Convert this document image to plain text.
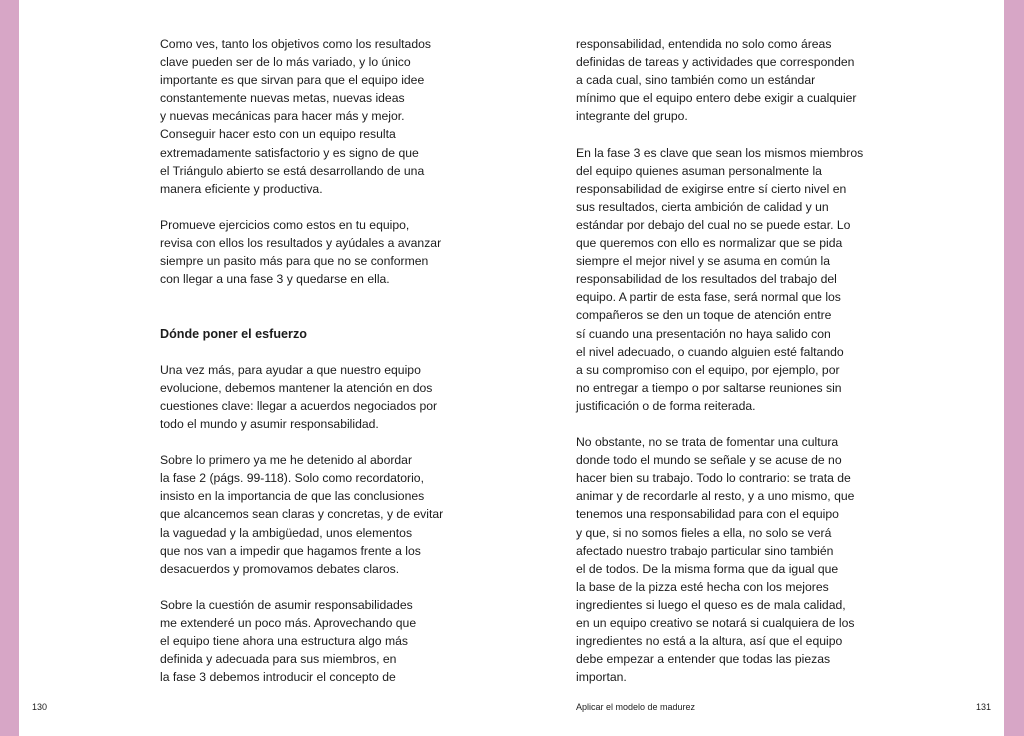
Como ves, tanto los objetivos como los resultados
clave pueden ser de lo más variado, y lo único
importante es que sirvan para que el equipo idee
constantemente nuevas metas, nuevas ideas
y nuevas mecánicas para hacer más y mejor.
Conseguir hacer esto con un equipo resulta
extremadamente satisfactorio y es signo de que
el Triángulo abierto se está desarrollando de una
manera eficiente y productiva.
Promueve ejercicios como estos en tu equipo,
revisa con ellos los resultados y ayúdales a avanzar
siempre un pasito más para que no se conformen
con llegar a una fase 3 y quedarse en ella.
Dónde poner el esfuerzo
Una vez más, para ayudar a que nuestro equipo
evolucione, debemos mantener la atención en dos
cuestiones clave: llegar a acuerdos negociados por
todo el mundo y asumir responsabilidad.
Sobre lo primero ya me he detenido al abordar
la fase 2 (págs. 99-118). Solo como recordatorio,
insisto en la importancia de que las conclusiones
que alcancemos sean claras y concretas, y de evitar
la vaguedad y la ambigüedad, unos elementos
que nos van a impedir que hagamos frente a los
desacuerdos y promovamos debates claros.
Sobre la cuestión de asumir responsabilidades
me extenderé un poco más. Aprovechando que
el equipo tiene ahora una estructura algo más
definida y adecuada para sus miembros, en
la fase 3 debemos introducir el concepto de
responsabilidad, entendida no solo como áreas
definidas de tareas y actividades que corresponden
a cada cual, sino también como un estándar
mínimo que el equipo entero debe exigir a cualquier
integrante del grupo.
En la fase 3 es clave que sean los mismos miembros
del equipo quienes asuman personalmente la
responsabilidad de exigirse entre sí cierto nivel en
sus resultados, cierta ambición de calidad y un
estándar por debajo del cual no se puede estar. Lo
que queremos con ello es normalizar que se pida
siempre el mejor nivel y se asuma en común la
responsabilidad de los resultados del trabajo del
equipo. A partir de esta fase, será normal que los
compañeros se den un toque de atención entre
sí cuando una presentación no haya salido con
el nivel adecuado, o cuando alguien esté faltando
a su compromiso con el equipo, por ejemplo, por
no entregar a tiempo o por saltarse reuniones sin
justificación o de forma reiterada.
No obstante, no se trata de fomentar una cultura
donde todo el mundo se señale y se acuse de no
hacer bien su trabajo. Todo lo contrario: se trata de
animar y de recordarle al resto, y a uno mismo, que
tenemos una responsabilidad para con el equipo
y que, si no somos fieles a ella, no solo se verá
afectado nuestro trabajo particular sino también
el de todos. De la misma forma que da igual que
la base de la pizza esté hecha con los mejores
ingredientes si luego el queso es de mala calidad,
en un equipo creativo se notará si cualquiera de los
ingredientes no está a la altura, así que el equipo
debe empezar a entender que todas las piezas
importan.
130	Aplicar el modelo de madurez	131
